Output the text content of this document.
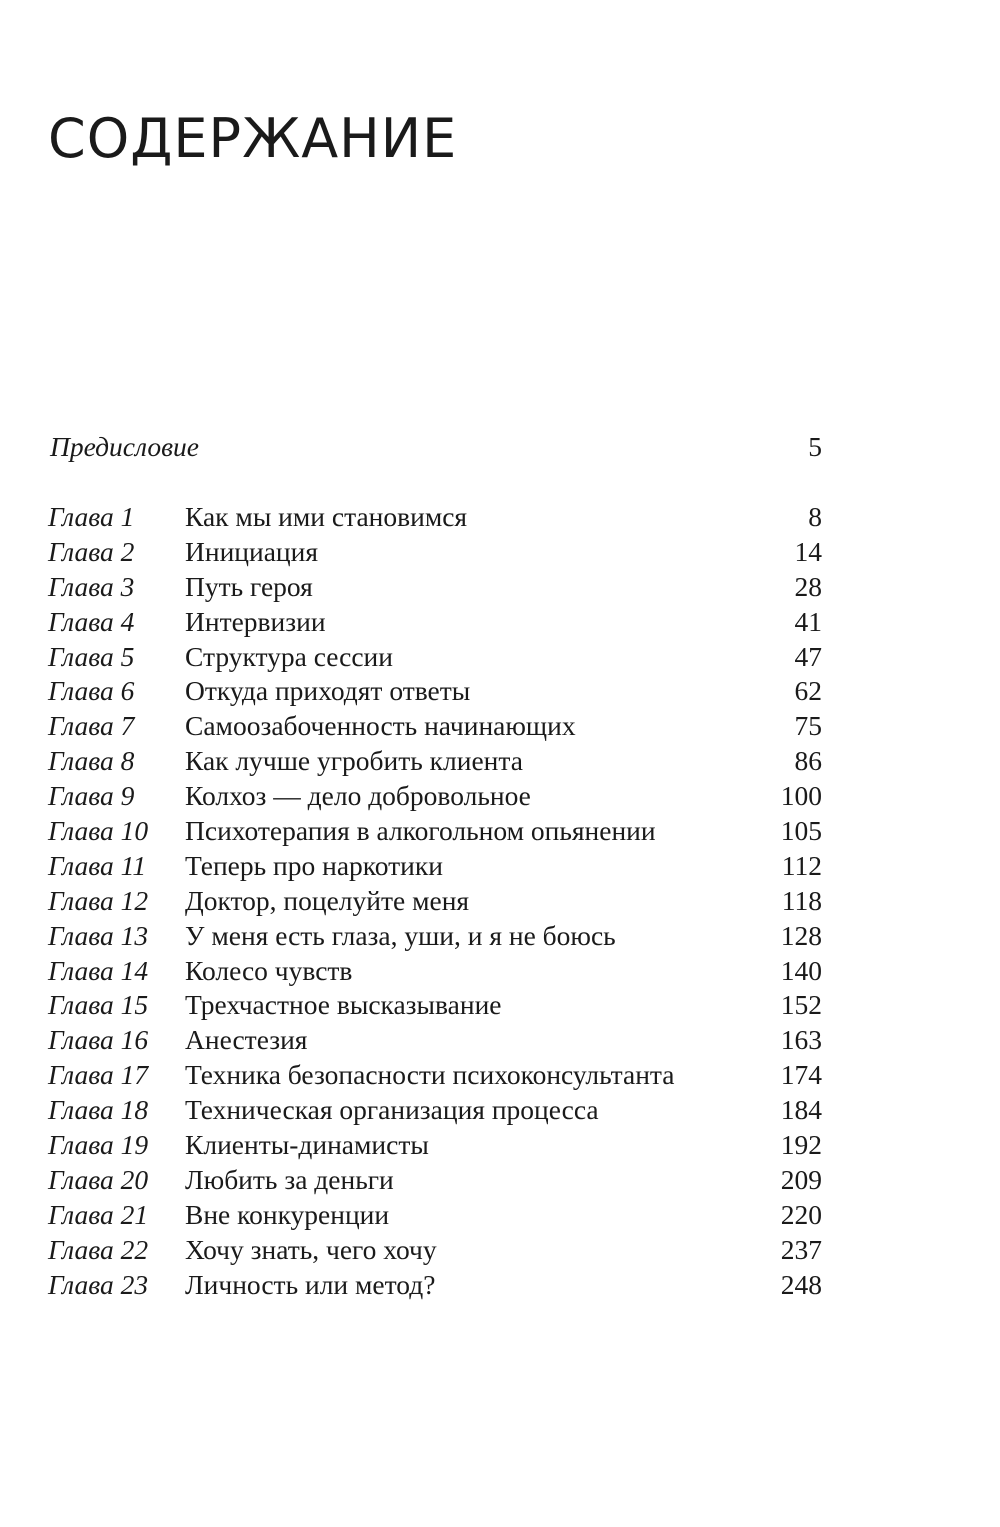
СОДЕРЖАНИЕ
Предисловие	5
Глава 1	Как мы ими становимся	8
Глава 2	Инициация	14
Глава 3	Путь героя	28
Глава 4	Интервизии	41
Глава 5	Структура сессии	47
Глава 6	Откуда приходят ответы	62
Глава 7	Самоозабоченность начинающих	75
Глава 8	Как лучше угробить клиента	86
Глава 9	Колхоз — дело добровольное	100
Глава 10	Психотерапия в алкогольном опьянении	105
Глава 11	Теперь про наркотики	112
Глава 12	Доктор, поцелуйте меня	118
Глава 13	У меня есть глаза, уши, и я не боюсь	128
Глава 14	Колесо чувств	140
Глава 15	Трехчастное высказывание	152
Глава 16	Анестезия	163
Глава 17	Техника безопасности психоконсультанта	174
Глава 18	Техническая организация процесса	184
Глава 19	Клиенты-динамисты	192
Глава 20	Любить за деньги	209
Глава 21	Вне конкуренции	220
Глава 22	Хочу знать, чего хочу	237
Глава 23	Личность или метод?	248
